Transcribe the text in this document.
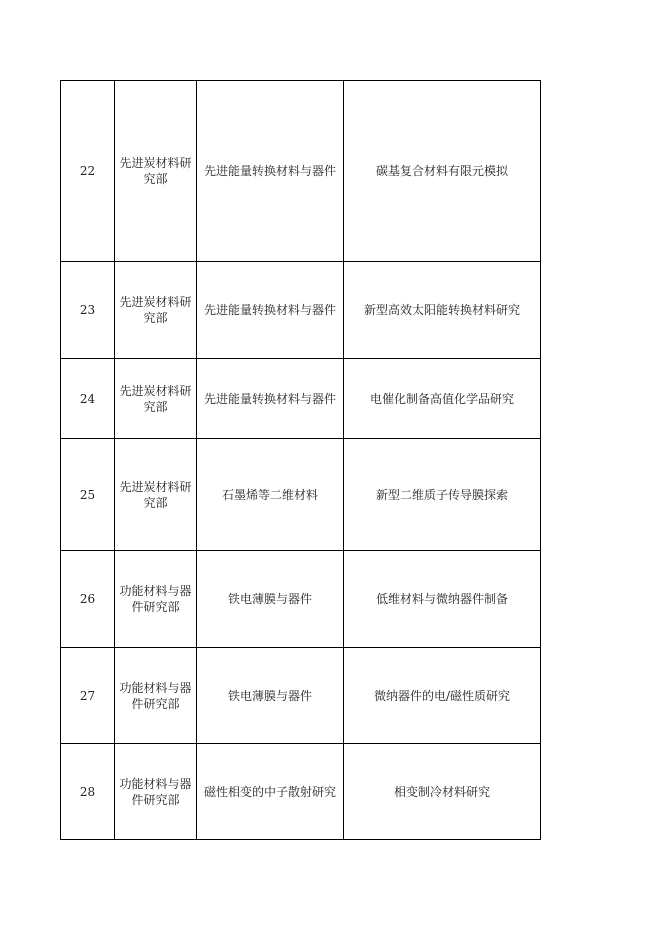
22	先进炭材料研究部	先进能量转换材料与器件	碳基复合材料有限元模拟
23	先进炭材料研究部	先进能量转换材料与器件	新型高效太阳能转换材料研究
24	先进炭材料研究部	先进能量转换材料与器件	电催化制备高值化学品研究
25	先进炭材料研究部	石墨烯等二维材料	新型二维质子传导膜探索
26	功能材料与器件研究部	铁电薄膜与器件	低维材料与微纳器件制备
27	功能材料与器件研究部	铁电薄膜与器件	微纳器件的电/磁性质研究
28	功能材料与器件研究部	磁性相变的中子散射研究	相变制冷材料研究
